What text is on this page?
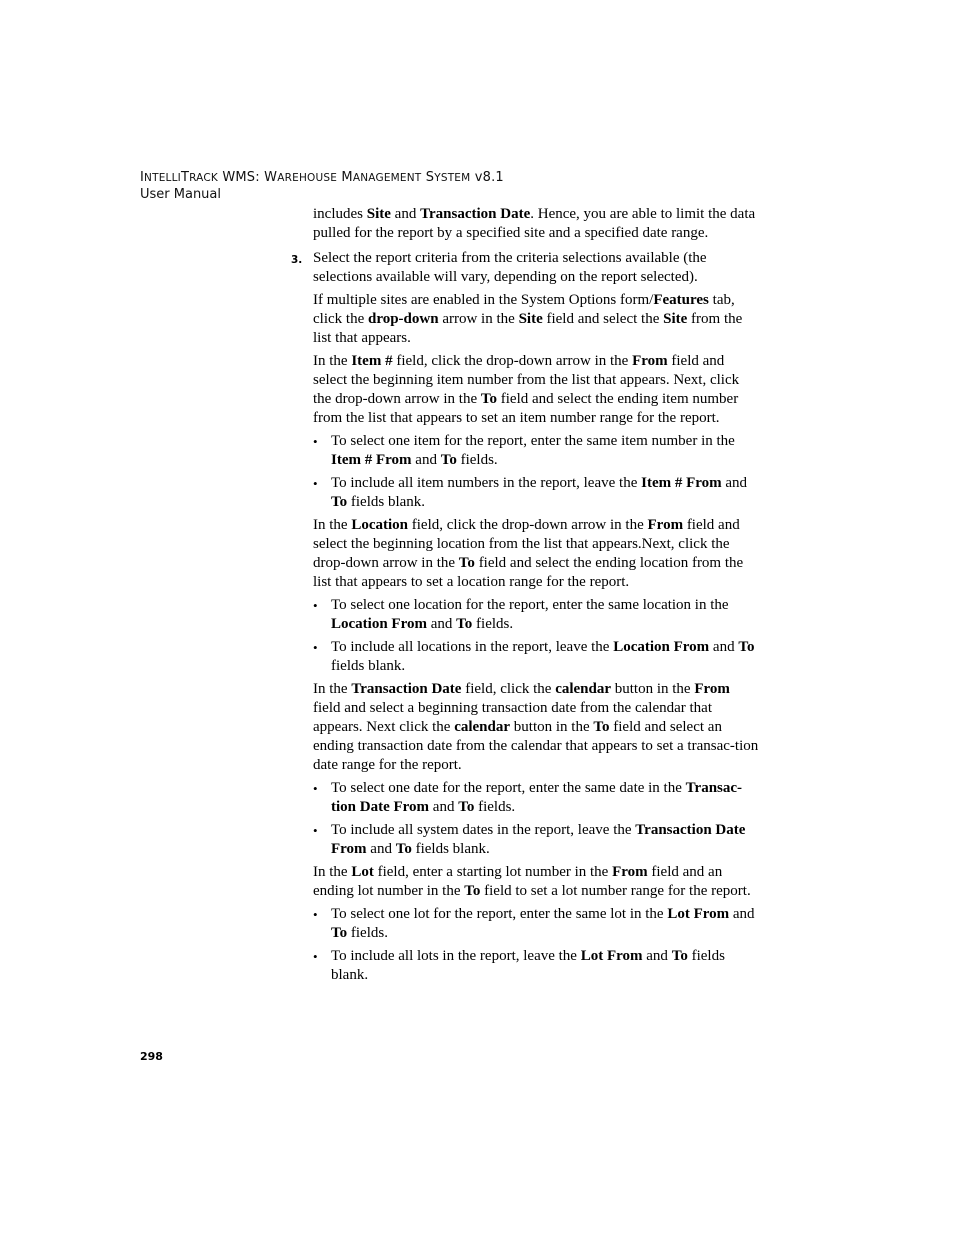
INTELLITRACK WMS: WAREHOUSE MANAGEMENT SYSTEM v8.1
User Manual

includes Site and Transaction Date. Hence, you are able to limit the data pulled for the report by a specified site and a specified date range.

3. Select the report criteria from the criteria selections available (the selections available will vary, depending on the report selected).

If multiple sites are enabled in the System Options form/Features tab, click the drop-down arrow in the Site field and select the Site from the list that appears.

In the Item # field, click the drop-down arrow in the From field and select the beginning item number from the list that appears. Next, click the drop-down arrow in the To field and select the ending item number from the list that appears to set an item number range for the report.

• To select one item for the report, enter the same item number in the Item # From and To fields.
• To include all item numbers in the report, leave the Item # From and To fields blank.

In the Location field, click the drop-down arrow in the From field and select the beginning location from the list that appears.Next, click the drop-down arrow in the To field and select the ending location from the list that appears to set a location range for the report.

• To select one location for the report, enter the same location in the Location From and To fields.
• To include all locations in the report, leave the Location From and To fields blank.

In the Transaction Date field, click the calendar button in the From field and select a beginning transaction date from the calendar that appears. Next click the calendar button in the To field and select an ending transaction date from the calendar that appears to set a transac-tion date range for the report.

• To select one date for the report, enter the same date in the Transac-tion Date From and To fields.
• To include all system dates in the report, leave the Transaction Date From and To fields blank.

In the Lot field, enter a starting lot number in the From field and an ending lot number in the To field to set a lot number range for the report.

• To select one lot for the report, enter the same lot in the Lot From and To fields.
• To include all lots in the report, leave the Lot From and To fields blank.
298
